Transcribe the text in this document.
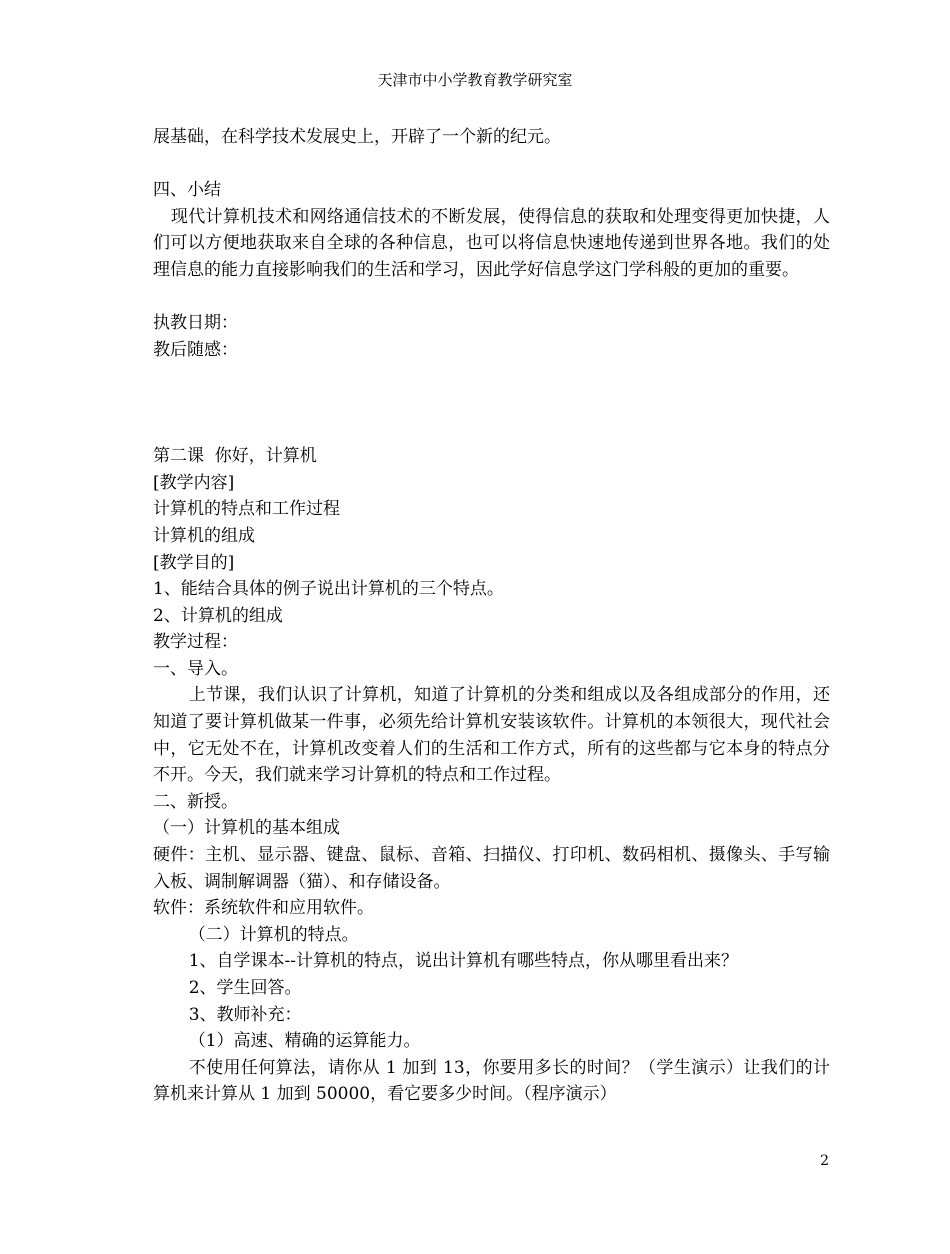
天津市中小学教育教学研究室
展基础，在科学技术发展史上，开辟了一个新的纪元。
四、小结
现代计算机技术和网络通信技术的不断发展，使得信息的获取和处理变得更加快捷，人们可以方便地获取来自全球的各种信息，也可以将信息快速地传递到世界各地。我们的处理信息的能力直接影响我们的生活和学习，因此学好信息学这门学科般的更加的重要。
执教日期：
教后随感：
第二课  你好，计算机
[教学内容]
计算机的特点和工作过程
计算机的组成
[教学目的]
1、能结合具体的例子说出计算机的三个特点。
2、计算机的组成
教学过程：
一、导入。
上节课，我们认识了计算机，知道了计算机的分类和组成以及各组成部分的作用，还知道了要计算机做某一件事，必须先给计算机安装该软件。计算机的本领很大，现代社会中，它无处不在，计算机改变着人们的生活和工作方式，所有的这些都与它本身的特点分不开。今天，我们就来学习计算机的特点和工作过程。
二、新授。
（一）计算机的基本组成
硬件：主机、显示器、键盘、鼠标、音箱、扫描仪、打印机、数码相机、摄像头、手写输入板、调制解调器（猫）、和存储设备。
软件：系统软件和应用软件。
（二）计算机的特点。
1、自学课本--计算机的特点，说出计算机有哪些特点，你从哪里看出来？
2、学生回答。
3、教师补充：
（1）高速、精确的运算能力。
不使用任何算法，请你从 1 加到 13，你要用多长的时间？（学生演示）让我们的计算机来计算从 1 加到 50000，看它要多少时间。（程序演示）
2
